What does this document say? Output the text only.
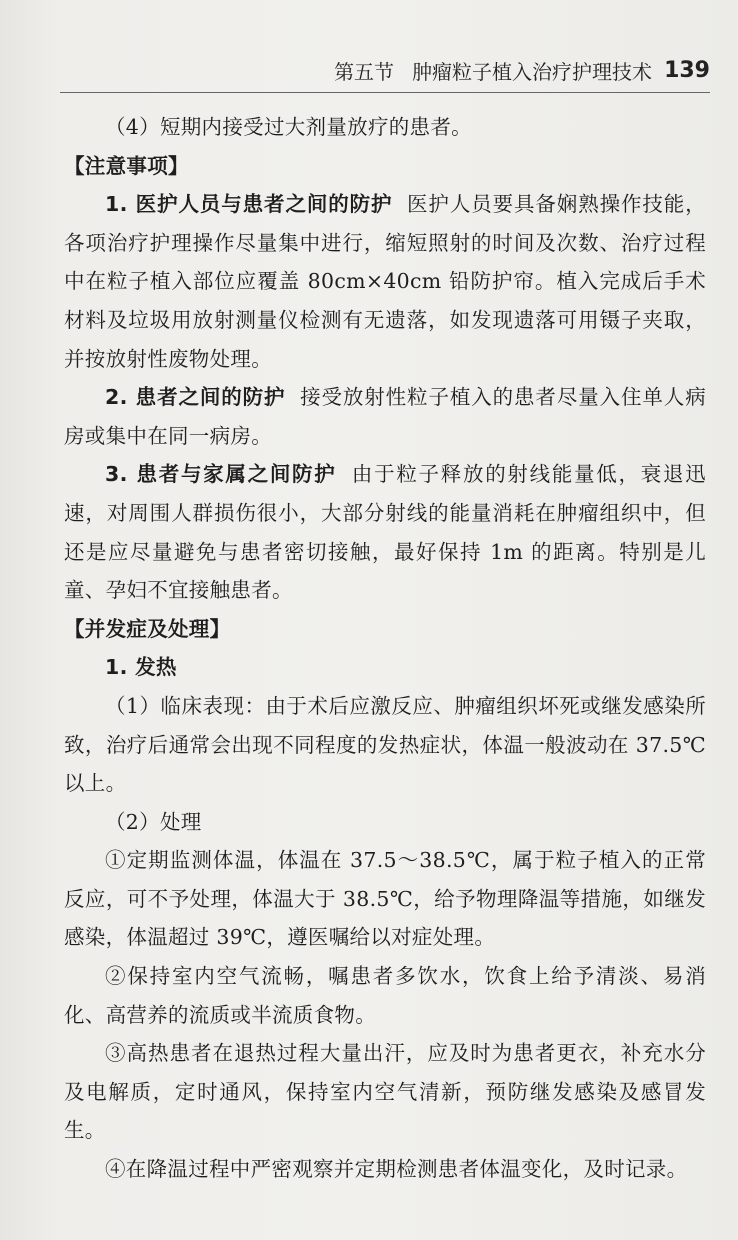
第五节 肿瘤粒子植入治疗护理技术 139

（4）短期内接受过大剂量放疗的患者。

【注意事项】

1. 医护人员与患者之间的防护 医护人员要具备娴熟操作技能，各项治疗护理操作尽量集中进行，缩短照射的时间及次数、治疗过程中在粒子植入部位应覆盖 80cm×40cm 铅防护帘。植入完成后手术材料及垃圾用放射测量仪检测有无遗落，如发现遗落可用镊子夹取，并按放射性废物处理。

2. 患者之间的防护 接受放射性粒子植入的患者尽量入住单人病房或集中在同一病房。

3. 患者与家属之间防护 由于粒子释放的射线能量低，衰退迅速，对周围人群损伤很小，大部分射线的能量消耗在肿瘤组织中，但还是应尽量避免与患者密切接触，最好保持 1m 的距离。特别是儿童、孕妇不宜接触患者。

【并发症及处理】

1. 发热

（1）临床表现：由于术后应激反应、肿瘤组织坏死或继发感染所致，治疗后通常会出现不同程度的发热症状，体温一般波动在 37.5℃以上。

（2）处理

①定期监测体温，体温在 37.5～38.5℃，属于粒子植入的正常反应，可不予处理，体温大于 38.5℃，给予物理降温等措施，如继发感染，体温超过 39℃，遵医嘱给以对症处理。

②保持室内空气流畅，嘱患者多饮水，饮食上给予清淡、易消化、高营养的流质或半流质食物。

③高热患者在退热过程大量出汗，应及时为患者更衣，补充水分及电解质，定时通风，保持室内空气清新，预防继发感染及感冒发生。

④在降温过程中严密观察并定期检测患者体温变化，及时记录。
